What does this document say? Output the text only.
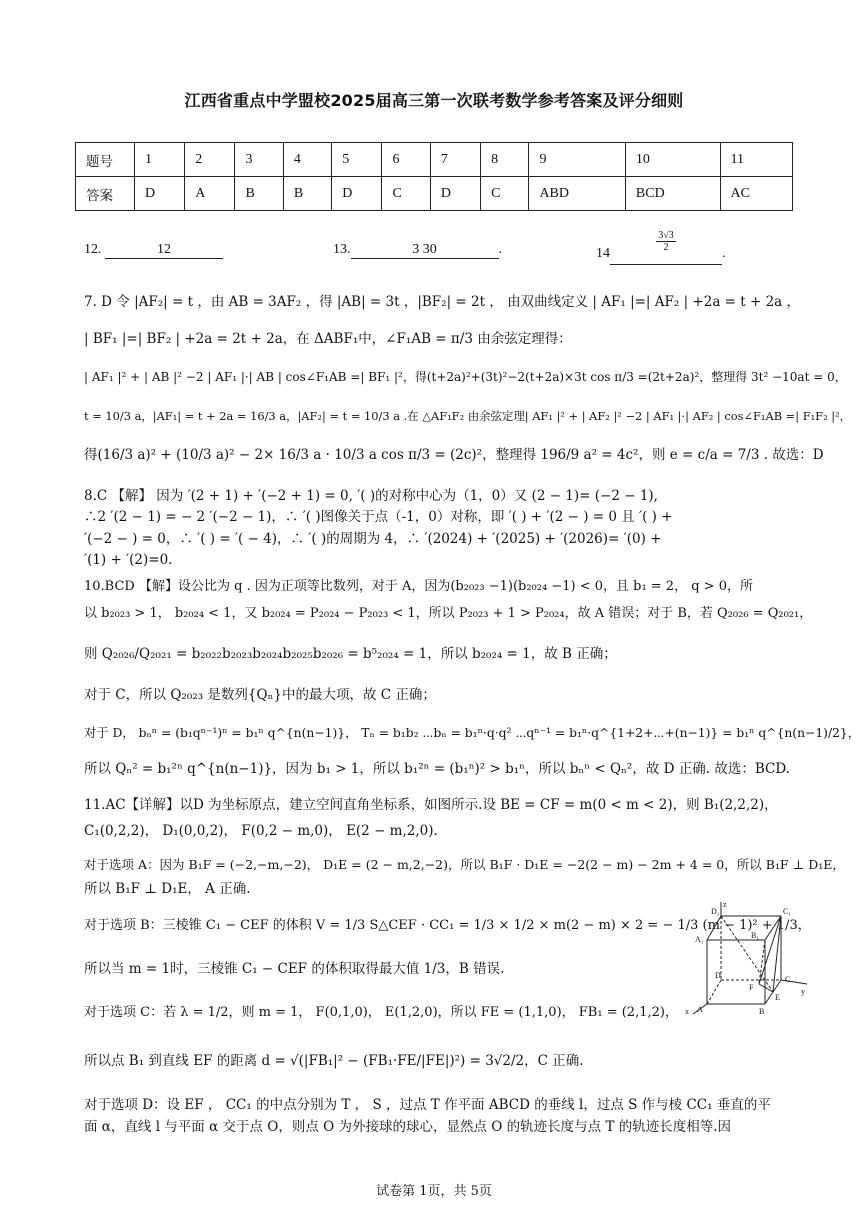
江西省重点中学盟校2025届高三第一次联考数学参考答案及评分细则
题号	1	2	3	4	5	6	7	8	9	10	11
答案	D	A	B	B	D	C	D	C	ABD	BCD	AC
12.	12	13.	3 30	.	14
$\frac{3√3}{2}$
.
7. D 令 |AF₂| = t ，由 AB = 3AF₂ ，得 |AB| = 3t ，|BF₂| = 2t ， 由双曲线定义 | AF₁ |=| AF₂ | +2a = t + 2a ，
| BF₁ |=| BF₂ | +2a = 2t + 2a，在 ΔABF₁中，∠F₁AB = π/3 由余弦定理得：
| AF₁ |² + | AB |² −2 | AF₁ |·| AB | cos∠F₁AB =| BF₁ |²，得(t+2a)²+(3t)²−2(t+2a)×3t cos π/3 =(2t+2a)²，整理得 3t² −10at = 0，
t = 10/3 a，|AF₁| = t + 2a = 16/3 a，|AF₂| = t = 10/3 a .在 △AF₁F₂ 由余弦定理| AF₁ |² + | AF₂ |² −2 | AF₁ |·| AF₂ | cos∠F₁AB =| F₁F₂ |²，
得(16/3 a)² + (10/3 a)² − 2× 16/3 a · 10/3 a cos π/3 = (2c)²，整理得 196/9 a² = 4c²，则 e = c/a = 7/3 . 故选：D
8.C 【解】 因为 ′(2 + 1) + ′(−2 + 1) = 0, ′( )的对称中心为（1，0）又 (2 − 1)= (−2 − 1),
∴2 ′(2 − 1) = − 2 ′(−2 − 1)，∴ ′( )图像关于点（-1，0）对称，即 ′( ) + ′(2 − ) = 0 且 ′( ) +
′(−2 − ) = 0，∴ ′( ) = ′( − 4)，∴ ′( )的周期为 4，∴ ′(2024) + ′(2025) + ′(2026)= ′(0) +
′(1) + ′(2)=0.
10.BCD 【解】设公比为 q . 因为正项等比数列，对于 A，因为(b₂₀₂₃ −1)(b₂₀₂₄ −1) < 0，且 b₁ = 2， q > 0，所
以 b₂₀₂₃ > 1， b₂₀₂₄ < 1，又 b₂₀₂₄ = P₂₀₂₄ − P₂₀₂₃ < 1，所以 P₂₀₂₃ + 1 > P₂₀₂₄，故 A 错误；对于 B，若 Q₂₀₂₆ = Q₂₀₂₁，
则 Q₂₀₂₆/Q₂₀₂₁ = b₂₀₂₂b₂₀₂₃b₂₀₂₄b₂₀₂₅b₂₀₂₆ = b⁵₂₀₂₄ = 1，所以 b₂₀₂₄ = 1，故 B 正确；
对于 C，所以 Q₂₀₂₃ 是数列{Qₙ}中的最大项，故 C 正确；
对于 D， bₙⁿ = (b₁qⁿ⁻¹)ⁿ = b₁ⁿ q^{n(n−1)}， Tₙ = b₁b₂ ⋯bₙ = b₁ⁿ·q·q² ⋯qⁿ⁻¹ = b₁ⁿ·q^{1+2+⋯+(n−1)} = b₁ⁿ q^{n(n−1)/2}，
所以 Qₙ² = b₁²ⁿ q^{n(n−1)}，因为 b₁ > 1，所以 b₁²ⁿ = (b₁ⁿ)² > b₁ⁿ，所以 bₙⁿ < Qₙ²，故 D 正确. 故选：BCD.
11.AC【详解】以D 为坐标原点，建立空间直角坐标系，如图所示.设 BE = CF = m(0 < m < 2)，则 B₁(2,2,2)，
C₁(0,2,2)， D₁(0,0,2)， F(0,2 − m,0)， E(2 − m,2,0).
对于选项 A：因为 B₁F = (−2,−m,−2)， D₁E = (2 − m,2,−2)，所以 B₁F · D₁E = −2(2 − m) − 2m + 4 = 0，所以 B₁F ⊥ D₁E，
所以 B₁F ⊥ D₁E， A 正确.
对于选项 B：三棱锥 C₁ − CEF 的体积 V = 1/3 S△CEF · CC₁ = 1/3 × 1/2 × m(2 − m) × 2 = − 1/3 (m − 1)² + 1/3，
所以当 m = 1时，三棱锥 C₁ − CEF 的体积取得最大值 1/3，B 错误.
对于选项 C：若 λ = 1/2，则 m = 1， F(0,1,0)， E(1,2,0)，所以 FE = (1,1,0)， FB₁ = (2,1,2)，
所以点 B₁ 到直线 EF 的距离 d = √(|FB₁|² − (FB₁·FE/|FE|)²) = 3√2/2，C 正确.
对于选项 D：设 EF ， CC₁ 的中点分别为 T ， S ，过点 T 作平面 ABCD 的垂线 l，过点 S 作与棱 CC₁ 垂直的平
面 α，直线 l 与平面 α 交于点 O，则点 O 为外接球的球心，显然点 O 的轨迹长度与点 T 的轨迹长度相等.因
z
D₁	C₁
A₁	B₁
D	C
F
E
y
x A	B
试卷第 1页，共 5页
